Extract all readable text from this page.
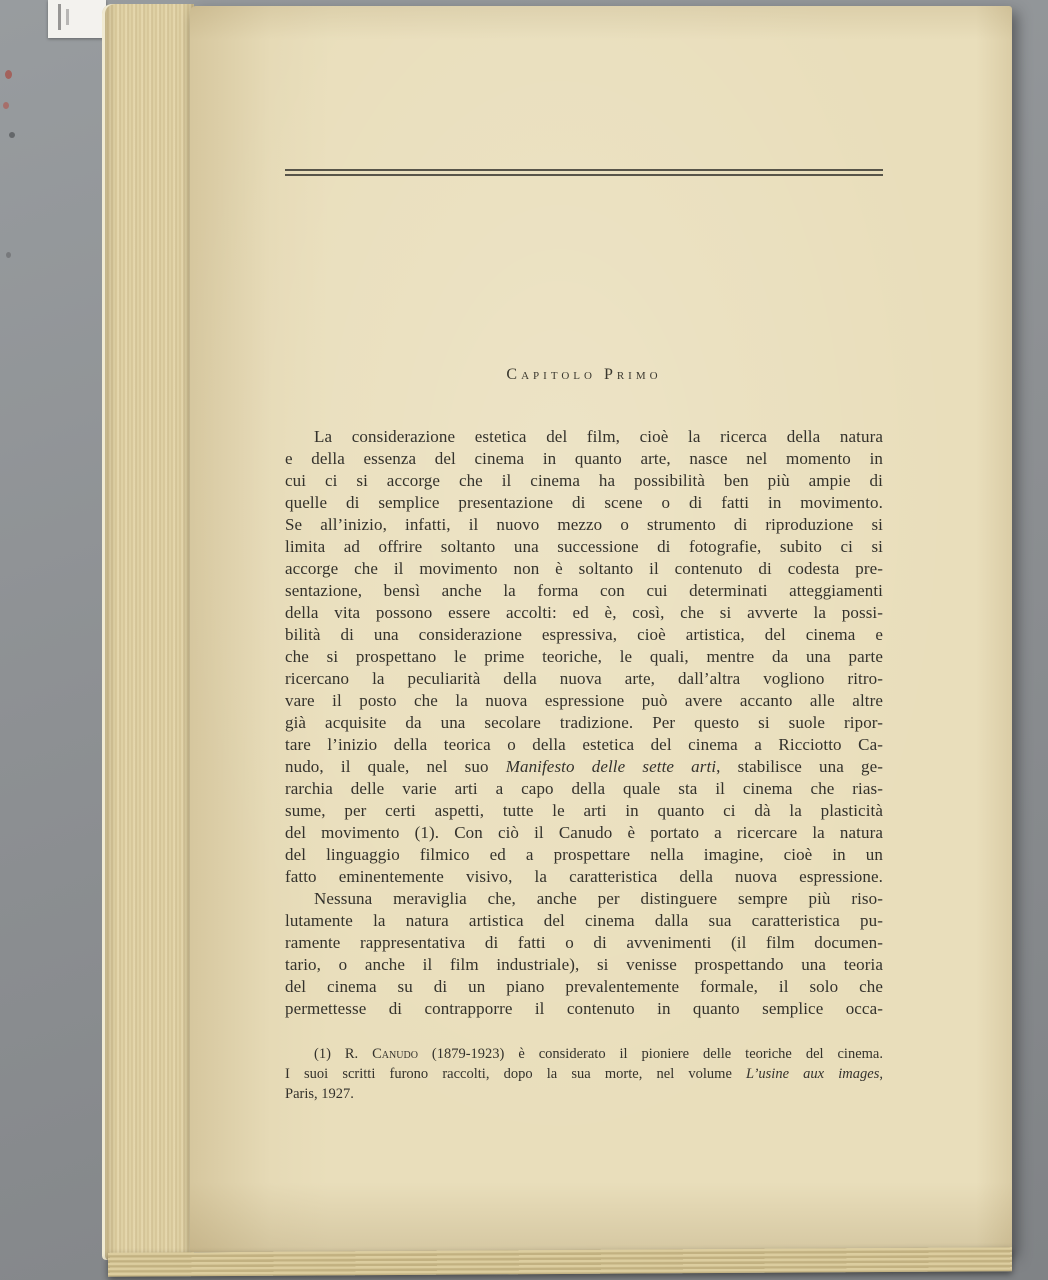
Capitolo Primo
La considerazione estetica del film, cioè la ricerca della natura
e della essenza del cinema in quanto arte, nasce nel momento in
cui ci si accorge che il cinema ha possibilità ben più ampie di
quelle di semplice presentazione di scene o di fatti in movimento.
Se all’inizio, infatti, il nuovo mezzo o strumento di riproduzione si
limita ad offrire soltanto una successione di fotografie, subito ci si
accorge che il movimento non è soltanto il contenuto di codesta pre-
sentazione, bensì anche la forma con cui determinati atteggiamenti
della vita possono essere accolti: ed è, così, che si avverte la possi-
bilità di una considerazione espressiva, cioè artistica, del cinema e
che si prospettano le prime teoriche, le quali, mentre da una parte
ricercano la peculiarità della nuova arte, dall’altra vogliono ritro-
vare il posto che la nuova espressione può avere accanto alle altre
già acquisite da una secolare tradizione. Per questo si suole ripor-
tare l’inizio della teorica o della estetica del cinema a Ricciotto Ca-
nudo, il quale, nel suo Manifesto delle sette arti, stabilisce una ge-
rarchia delle varie arti a capo della quale sta il cinema che rias-
sume, per certi aspetti, tutte le arti in quanto ci dà la plasticità
del movimento (1). Con ciò il Canudo è portato a ricercare la natura
del linguaggio filmico ed a prospettare nella imagine, cioè in un
fatto eminentemente visivo, la caratteristica della nuova espressione.
Nessuna meraviglia che, anche per distinguere sempre più riso-
lutamente la natura artistica del cinema dalla sua caratteristica pu-
ramente rappresentativa di fatti o di avvenimenti (il film documen-
tario, o anche il film industriale), si venisse prospettando una teoria
del cinema su di un piano prevalentemente formale, il solo che
permettesse di contrapporre il contenuto in quanto semplice occa-
(1) R. Canudo (1879-1923) è considerato il pioniere delle teoriche del cinema.
I suoi scritti furono raccolti, dopo la sua morte, nel volume L’usine aux images,
Paris, 1927.
